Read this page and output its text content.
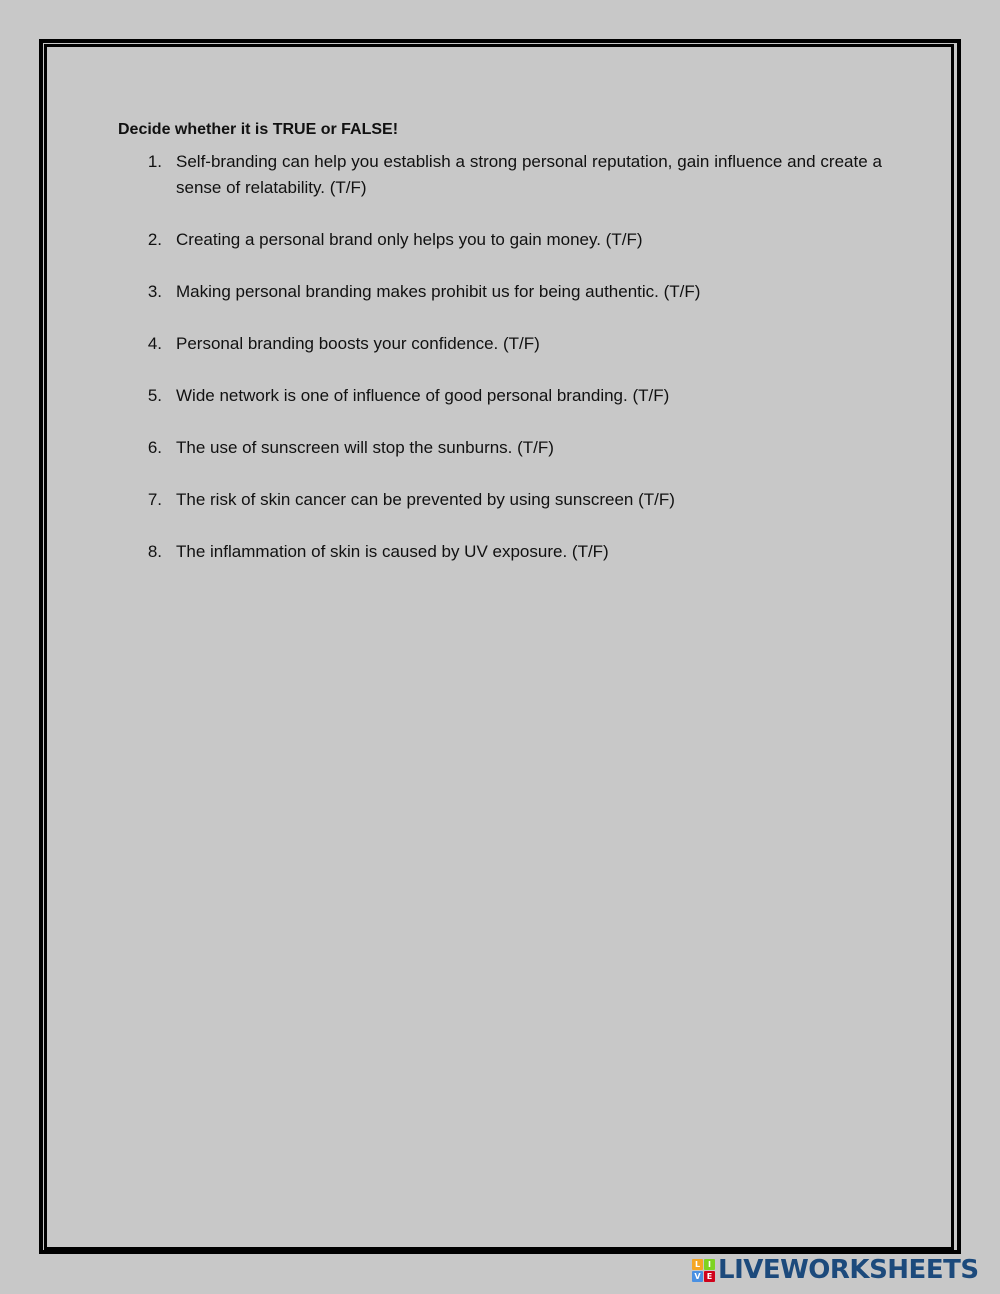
Decide whether it is TRUE or FALSE!
1. Self-branding can help you establish a strong personal reputation, gain influence and create a sense of relatability. (T/F)
2. Creating a personal brand only helps you to gain money. (T/F)
3. Making personal branding makes prohibit us for being authentic. (T/F)
4. Personal branding boosts your confidence. (T/F)
5. Wide network is one of influence of good personal branding. (T/F)
6. The use of sunscreen will stop the sunburns. (T/F)
7. The risk of skin cancer can be prevented by using sunscreen (T/F)
8. The inflammation of skin is caused by UV exposure. (T/F)
L I
V E LIVEWORKSHEETS
